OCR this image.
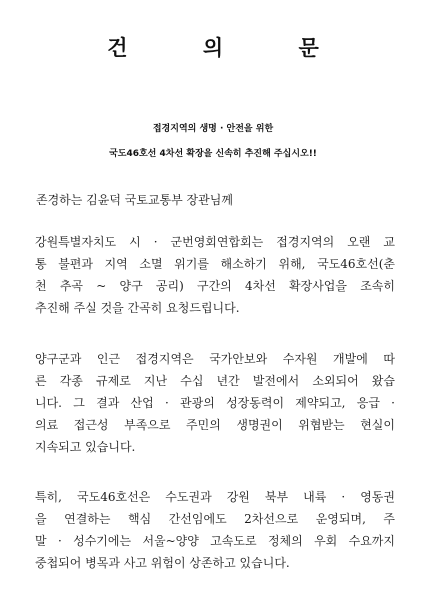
건 의 문
접경지역의 생명 · 안전을 위한
국도46호선 4차선 확장을 신속히 추진해 주십시오!!
존경하는 김윤덕 국토교통부 장관님께
강원특별자치도 시 · 군번영회연합회는 접경지역의 오랜 교
통 불편과 지역 소멸 위기를 해소하기 위해, 국도46호선(춘
천 추곡 ~ 양구 공리) 구간의 4차선 확장사업을 조속히
추진해 주실 것을 간곡히 요청드립니다.
양구군과 인근 접경지역은 국가안보와 수자원 개발에 따
른 각종 규제로 지난 수십 년간 발전에서 소외되어 왔습
니다. 그 결과 산업 · 관광의 성장동력이 제약되고, 응급 ·
의료 접근성 부족으로 주민의 생명권이 위협받는 현실이
지속되고 있습니다.
특히, 국도46호선은 수도권과 강원 북부 내륙 · 영동권
을 연결하는 핵심 간선임에도 2차선으로 운영되며, 주
말 · 성수기에는 서울~양양 고속도로 정체의 우회 수요까지
중첩되어 병목과 사고 위험이 상존하고 있습니다.
